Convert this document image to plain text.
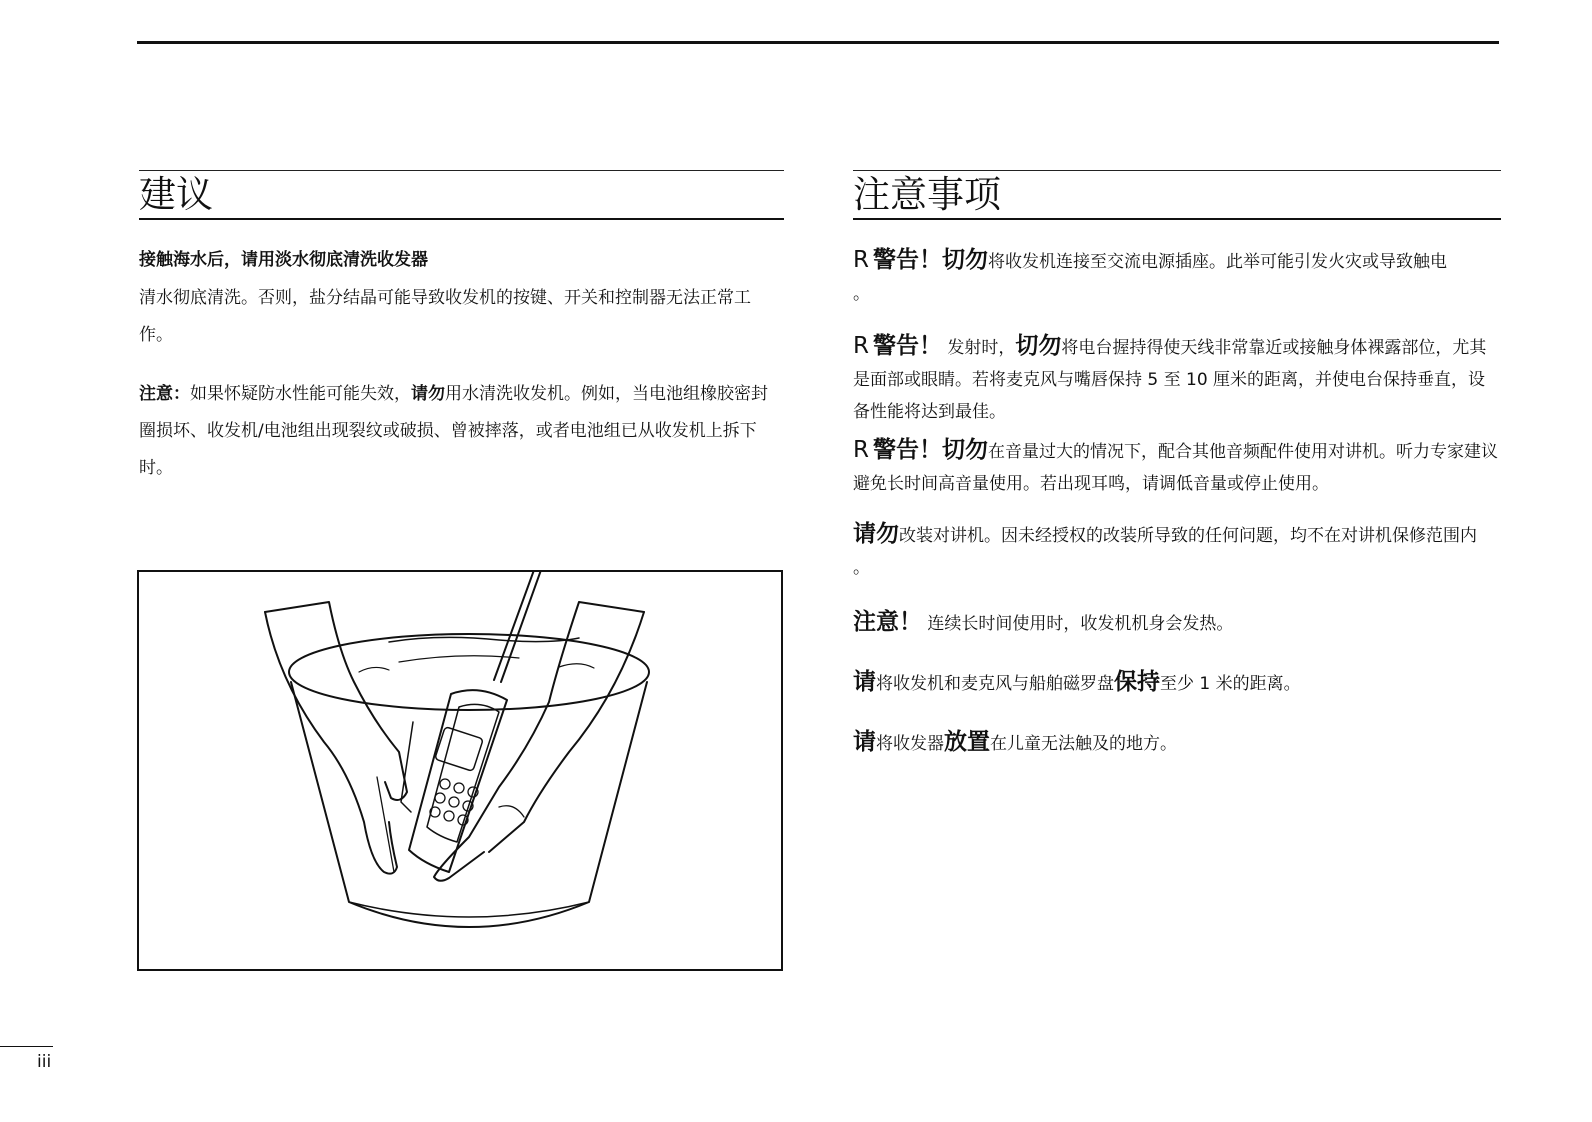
建议
接触海水后，请用淡水彻底清洗收发器

清水彻底清洗。否则，盐分结晶可能导致收发机的按键、开关和控制器无法正常工作。

注意：如果怀疑防水性能可能失效，请勿用水清洗收发机。例如，当电池组橡胶密封圈损坏、收发机/电池组出现裂纹或破损、曾被摔落，或者电池组已从收发机上拆下时。

注意事项

R 警告！切勿将收发机连接至交流电源插座。此举可能引发火灾或导致触电
。

R 警告！ 发射时，切勿将电台握持得使天线非常靠近或接触身体裸露部位，尤其是面部或眼睛。若将麦克风与嘴唇保持 5 至 10 厘米的距离，并使电台保持垂直，设备性能将达到最佳。

R 警告！切勿在音量过大的情况下，配合其他音频配件使用对讲机。听力专家建议避免长时间高音量使用。若出现耳鸣，请调低音量或停止使用。

请勿改装对讲机。因未经授权的改装所导致的任何问题，均不在对讲机保修范围内
。

注意！ 连续长时间使用时，收发机机身会发热。

请将收发机和麦克风与船舶磁罗盘保持至少 1 米的距离。

请将收发器放置在儿童无法触及的地方。

iii
